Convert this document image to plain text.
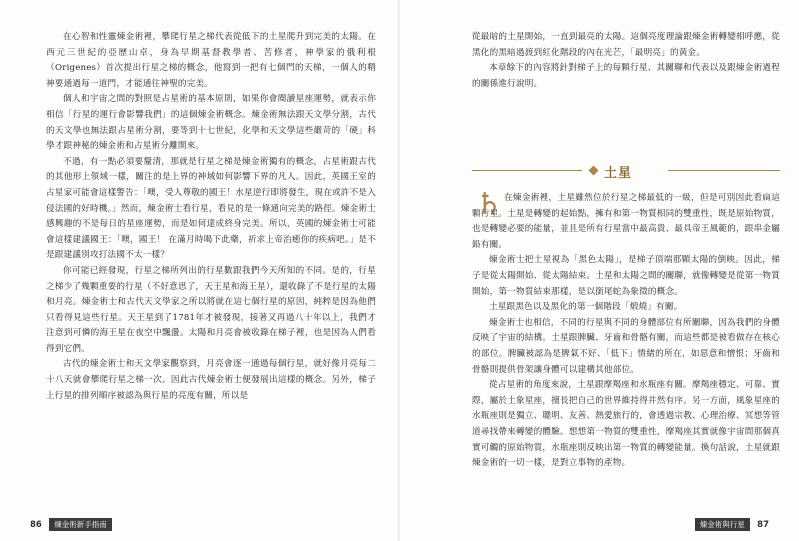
在心智和性靈煉金術裡，攀爬行星之梯代表從低下的土星爬升到完美的太陽。在西元三世紀的亞歷山卓，身為早期基督教學者、苦修者，神學家的俄利根（Origenes）首次提出行星之梯的概念，他寫到一把有七個門的天梯，一個人的精神要通過每一道門，才能通往神聖的完美。

個人和宇宙之間的對照是占星術的基本原則，如果你會閱讀星座運勢，就表示你相信「行星的運行會影響我們」的這個煉金術概念。煉金術無法跟天文學分割，古代的天文學也無法跟占星術分割，要等到十七世紀，化學和天文學這些嚴苛的「硬」科學才跟神秘的煉金術和占星術分離開來。

不過，有一點必須要釐清，那就是行星之梯是煉金術獨有的概念，占星術跟古代的其他形上領域一樣，關注的是上界的神域如何影響下界的凡人。因此，英國王室的占星家可能會這樣警告：「噢，受人尊敬的國王！水星逆行即將發生，現在或許不是入侵法國的好時機。」然而，煉金術士看行星，看見的是一條通向完美的路徑。煉金術士感興趣的不是每日的星座運勢，而是如何達成終身完美。所以，英國的煉金術士可能會這樣建議國王：「噢，國王！ 在滿月時喝下此藥，祈求上帝治癒你的疾病吧。」是不是跟建議別攻打法國不太一樣？

你可能已經發現，行星之梯所列出的行星數跟我們今天所知的不同。是的，行星之梯少了幾顆重要的行星（不好意思了，天王星和海王星），還收錄了不是行星的太陽和月亮。煉金術士和古代天文學家之所以將就在這七個行星的原因，純粹是因為他們只看得見這些行星。天王星到了1781年才被發現，接著又再過八十年以上，我們才注意到可憐的海王星在夜空中飄盪。太陽和月亮會被收錄在梯子裡，也是因為人們看得到它們。

古代的煉金術士和天文學家觀察到，月亮會逐一通過每個行星，就好像月亮每二十八天就會攀爬行星之梯一次。因此古代煉金術士便發展出這樣的概念。另外，梯子上行星的排列順序被認為與行星的亮度有關，所以是

從最暗的土星開始，一直到最亮的太陽。這個亮度理論跟煉金術轉變相呼應，從黑化的黑暗過渡到紅化階段的內在光芒，「最明亮」的黃金。

本章餘下的內容將針對梯子上的每顆行星、其關聯和代表以及跟煉金術過程的關係進行說明。

土星
♄ 在煉金術裡，土星雖然位於行星之梯最低的一級，但是可別因此看扁這顆行星。土星是轉變的起始點，擁有和第一物質相同的雙重性，既是原始物質，也是轉變必要的能量，並且是所有行星當中最高貴、最具帝王風範的，跟串金屬鉛有關。

煉金術士把土星視為「黑色太陽」，是梯子頂端那顆太陽的倒映。因此，梯子是從太陽開始、從太陽結束。土星和太陽之間的關聯，就像轉變是從第一物質開始，第一物質結束那樣，是以銜尾蛇為象徵的概念。

土星跟黑色以及黑化的第一個階段「煅燒」有關。

煉金術士也相信，不同的行星與不同的身體部位有所關聯，因為我們的身體反映了宇宙的結構。土星跟脾臟、牙齒和骨骼有關，而這些都是被看做存在核心的部位。脾臟被認為是脾氣不好、「低下」情緒的所在，如惡意和憎恨；牙齒和骨骼則提供骨架讓身體可以建構其他部位。

從占星術的角度來說，土星跟摩羯座和水瓶座有關。摩羯座穩定、可靠、實際，屬於土象星座，擅長把自己的世界維持得井然有序。另一方面，風象星座的水瓶座則是獨立、聰明、友善、熱愛旅行的，會透過宗教、心理治療、冥想等管道尋找帶來轉變的體驗。想想第一物質的雙重性，摩羯座其實就像宇宙間那個真實可觸的原始物質，水瓶座則反映出第一物質的轉變能量。換句話說，土星就跟煉金術的一切一樣，是對立事物的產物。

86 煉金術新手指南	煉金術與行星 87
